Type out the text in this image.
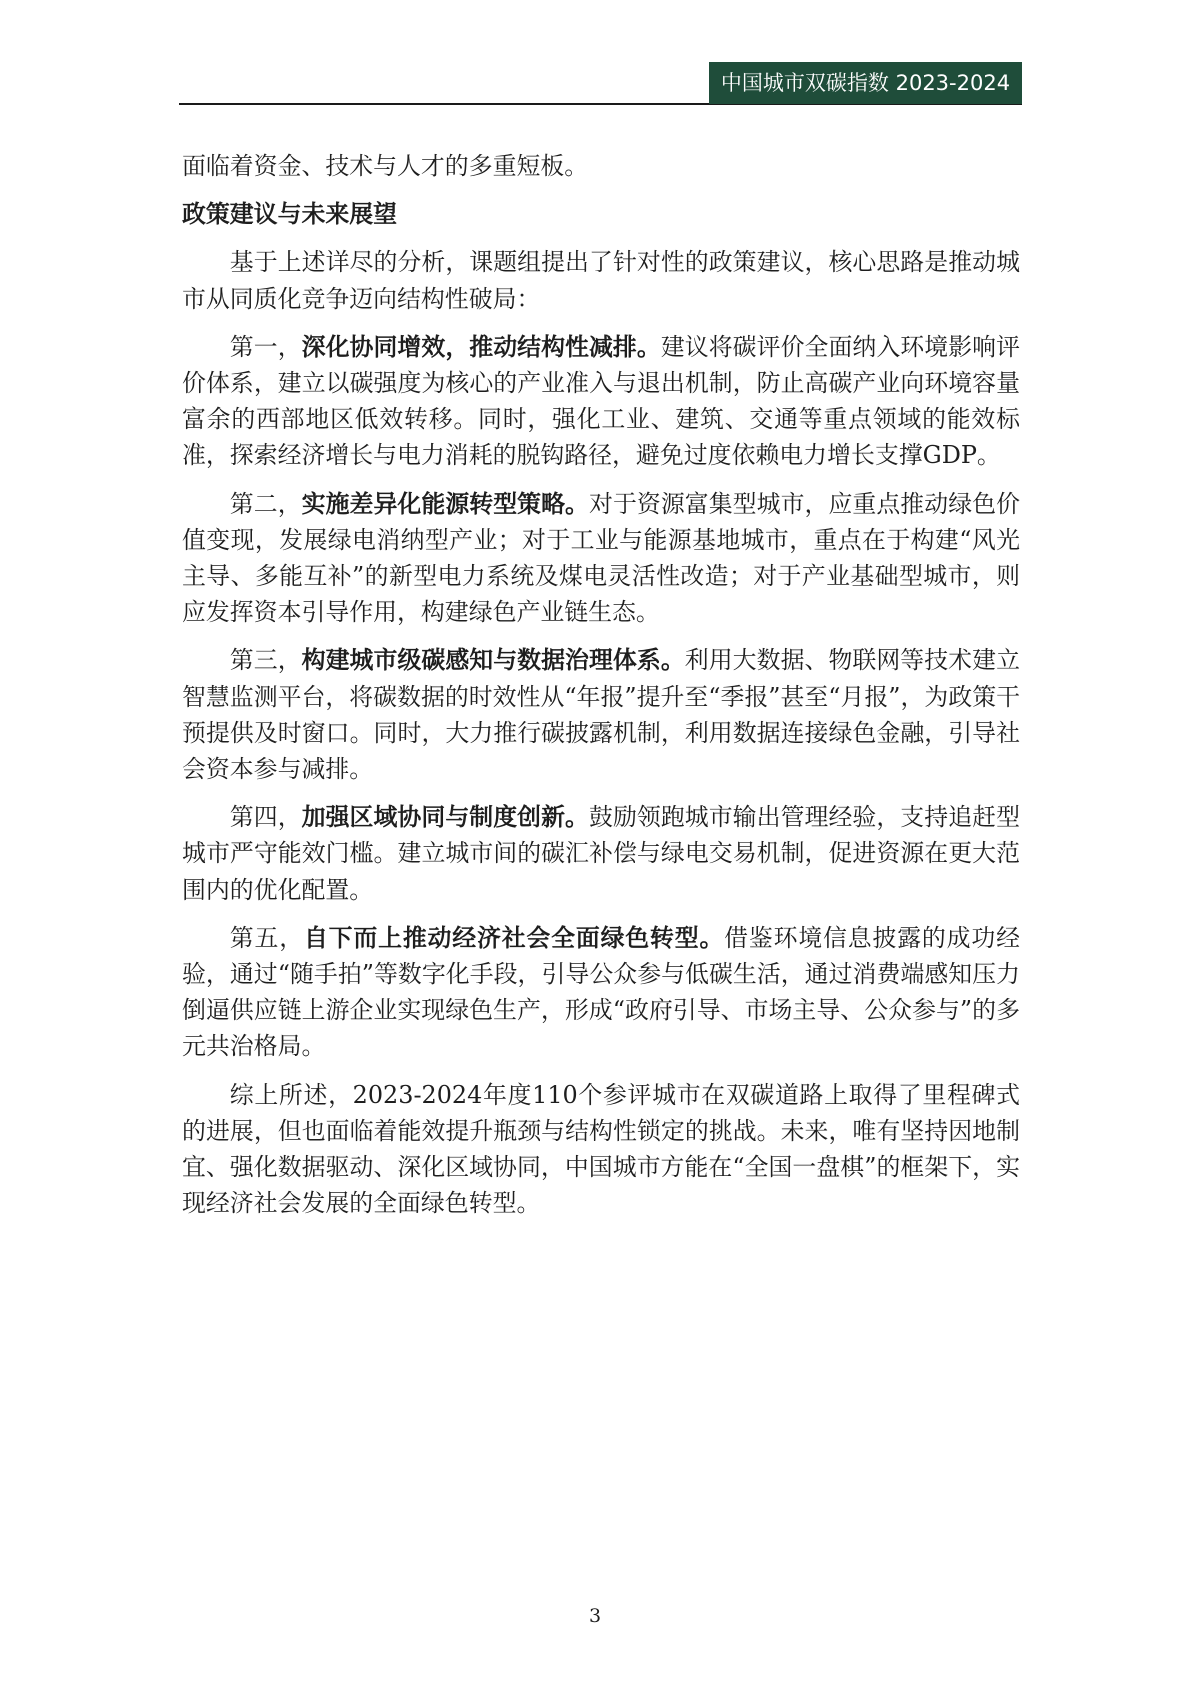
中国城市双碳指数 2023-2024

面临着资金、技术与人才的多重短板。

政策建议与未来展望

基于上述详尽的分析，课题组提出了针对性的政策建议，核心思路是推动城市从同质化竞争迈向结构性破局：

第一，深化协同增效，推动结构性减排。建议将碳评价全面纳入环境影响评价体系，建立以碳强度为核心的产业准入与退出机制，防止高碳产业向环境容量富余的西部地区低效转移。同时，强化工业、建筑、交通等重点领域的能效标准，探索经济增长与电力消耗的脱钩路径，避免过度依赖电力增长支撑GDP。

第二，实施差异化能源转型策略。对于资源富集型城市，应重点推动绿色价值变现，发展绿电消纳型产业；对于工业与能源基地城市，重点在于构建“风光主导、多能互补”的新型电力系统及煤电灵活性改造；对于产业基础型城市，则应发挥资本引导作用，构建绿色产业链生态。

第三，构建城市级碳感知与数据治理体系。利用大数据、物联网等技术建立智慧监测平台，将碳数据的时效性从“年报”提升至“季报”甚至“月报”，为政策干预提供及时窗口。同时，大力推行碳披露机制，利用数据连接绿色金融，引导社会资本参与减排。

第四，加强区域协同与制度创新。鼓励领跑城市输出管理经验，支持追赶型城市严守能效门槛。建立城市间的碳汇补偿与绿电交易机制，促进资源在更大范围内的优化配置。

第五，自下而上推动经济社会全面绿色转型。借鉴环境信息披露的成功经验，通过“随手拍”等数字化手段，引导公众参与低碳生活，通过消费端感知压力倒逼供应链上游企业实现绿色生产，形成“政府引导、市场主导、公众参与”的多元共治格局。

综上所述，2023-2024年度110个参评城市在双碳道路上取得了里程碑式的进展，但也面临着能效提升瓶颈与结构性锁定的挑战。未来，唯有坚持因地制宜、强化数据驱动、深化区域协同，中国城市方能在“全国一盘棋”的框架下，实现经济社会发展的全面绿色转型。

3
